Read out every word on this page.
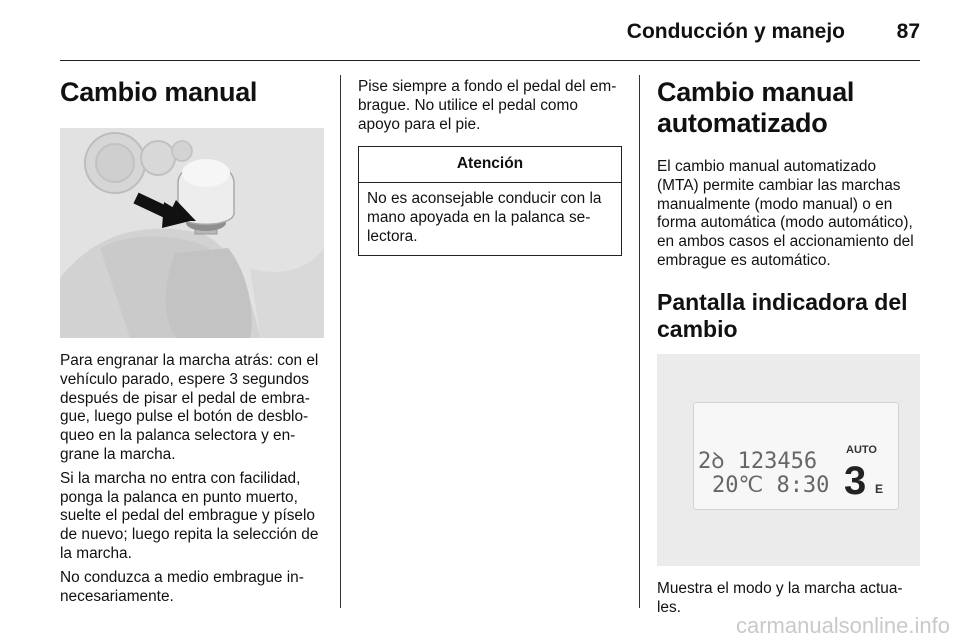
Conducción y manejo 87
Cambio manual

Para engranar la marcha atrás: con el vehículo parado, espere 3 segundos después de pisar el pedal de embra-gue, luego pulse el botón de desblo-queo en la palanca selectora y en-grane la marcha.

Si la marcha no entra con facilidad, ponga la palanca en punto muerto, suelte el pedal del embrague y píselo de nuevo; luego repita la selección de la marcha.

No conduzca a medio embrague in-necesariamente.

Pise siempre a fondo el pedal del em-brague. No utilice el pedal como apoyo para el pie.

Atención
No es aconsejable conducir con la mano apoyada en la palanca se-lectora.
Cambio manual automatizado

El cambio manual automatizado (MTA) permite cambiar las marchas manualmente (modo manual) o en forma automática (modo automático), en ambos casos el accionamiento del embrague es automático.

Pantalla indicadora del cambio
2ꝺ 123456
20℃ 8:30
AUTO
3 E

Muestra el modo y la marcha actua-les.

carmanualsonline.info
